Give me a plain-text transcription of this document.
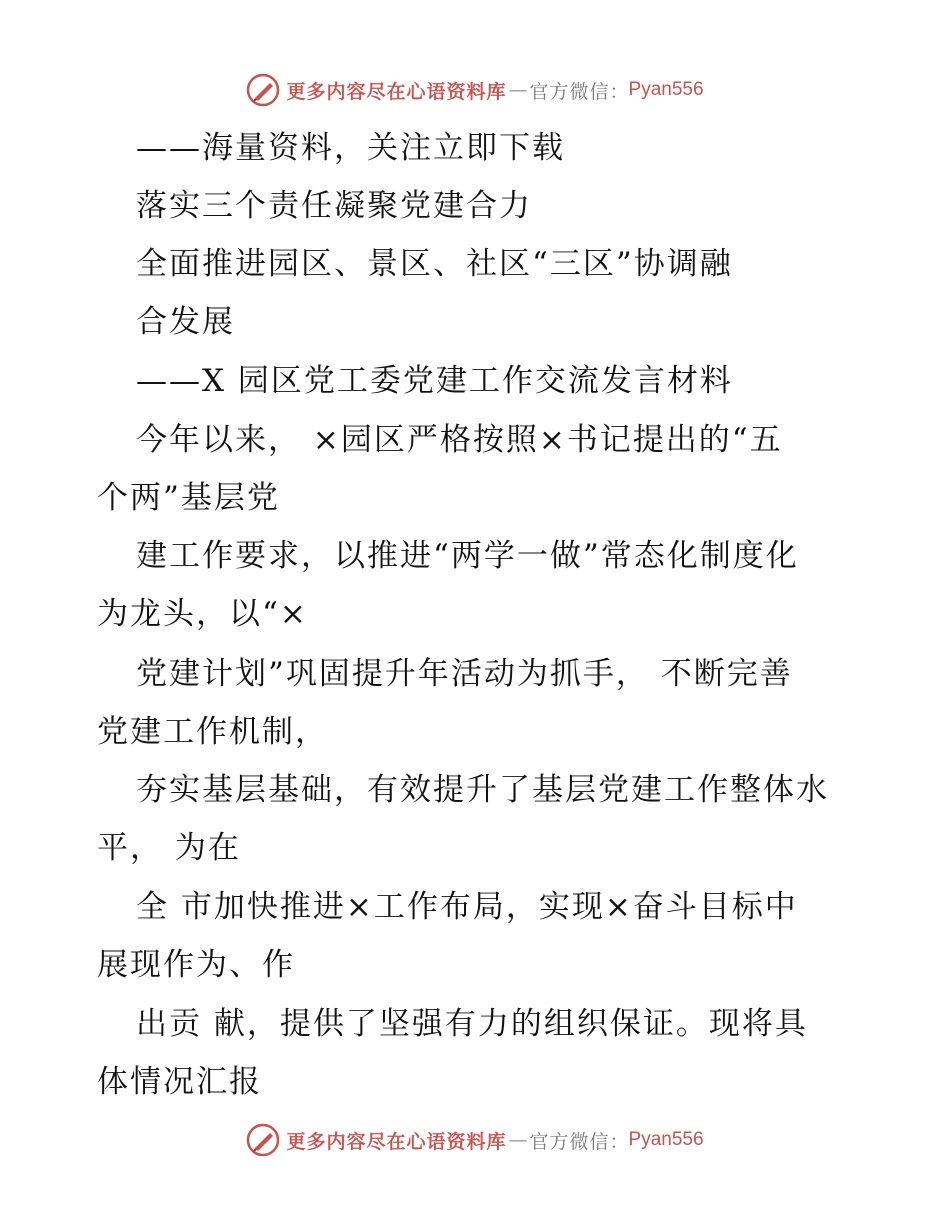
更多内容尽在心语资料库 — 官方微信 ： Pyan556
——海量资料，关注立即下载
落实三个责任凝聚党建合力
全面推进园区、景区、社区“三区”协调融
合发展
——X 园区党工委党建工作交流发言材料
今年以来， ×园区严格按照×书记提出的“五
个两”基层党
建工作要求，以推进“两学一做”常态化制度化
为龙头，以“×
党建计划”巩固提升年活动为抓手， 不断完善
党建工作机制，
夯实基层基础，有效提升了基层党建工作整体水
平， 为在
全 市加快推进×工作布局，实现×奋斗目标中
展现作为、作
出贡 献，提供了坚强有力的组织保证。现将具
体情况汇报
更多内容尽在心语资料库 — 官方微信 ： Pyan556
